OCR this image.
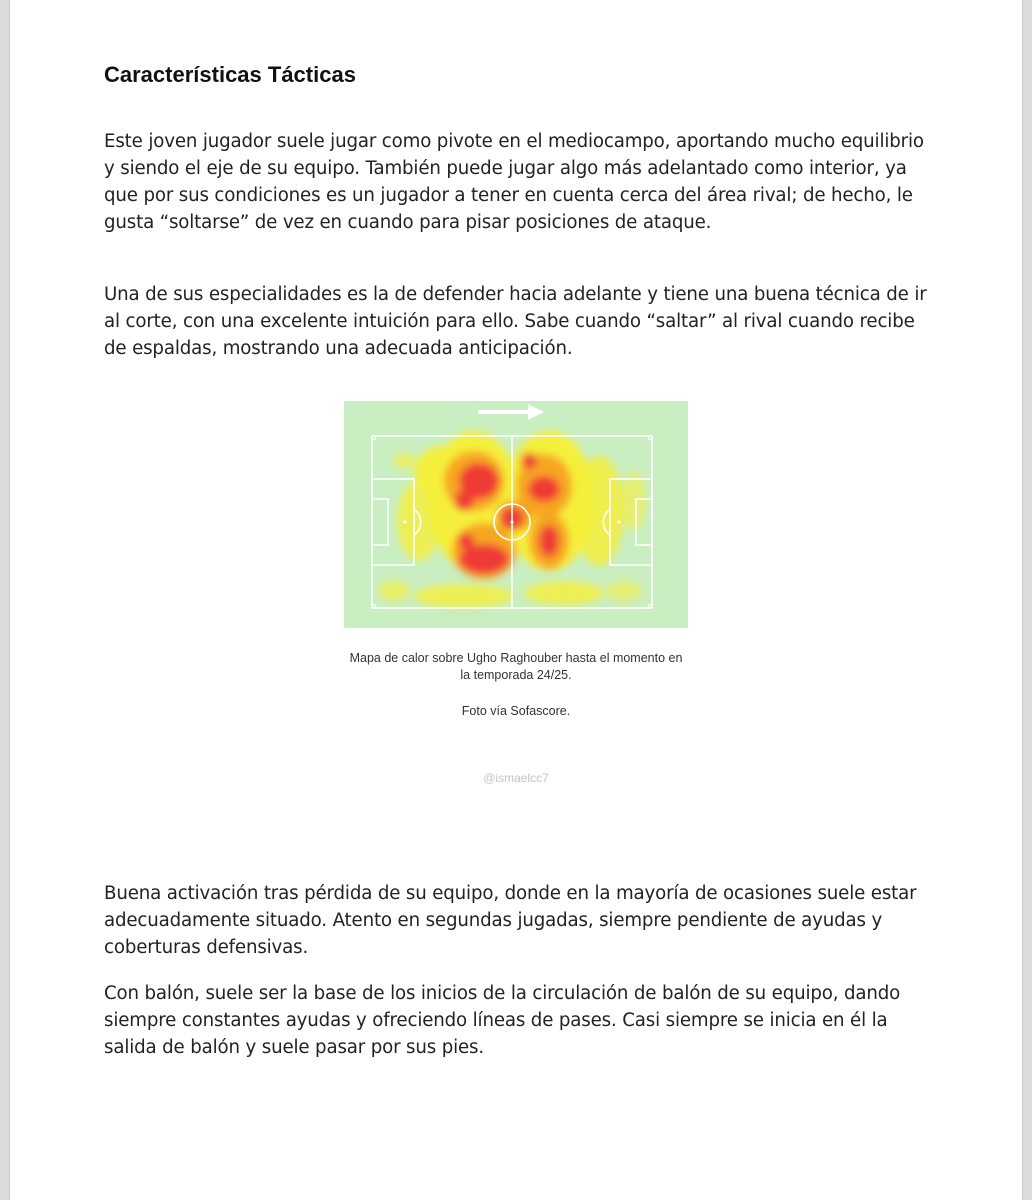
Características Tácticas

Este joven jugador suele jugar como pivote en el mediocampo, aportando mucho equilibrio y siendo el eje de su equipo. También puede jugar algo más adelantado como interior, ya que por sus condiciones es un jugador a tener en cuenta cerca del área rival; de hecho, le gusta “soltarse” de vez en cuando para pisar posiciones de ataque.

Una de sus especialidades es la de defender hacia adelante y tiene una buena técnica de ir al corte, con una excelente intuición para ello. Sabe cuando “saltar” al rival cuando recibe de espaldas, mostrando una adecuada anticipación.

Mapa de calor sobre Ugho Raghouber hasta el momento en la temporada 24/25.

Foto vía Sofascore.

@ismaelcc7

Buena activación tras pérdida de su equipo, donde en la mayoría de ocasiones suele estar adecuadamente situado. Atento en segundas jugadas, siempre pendiente de ayudas y coberturas defensivas.

Con balón, suele ser la base de los inicios de la circulación de balón de su equipo, dando siempre constantes ayudas y ofreciendo líneas de pases. Casi siempre se inicia en él la salida de balón y suele pasar por sus pies.
